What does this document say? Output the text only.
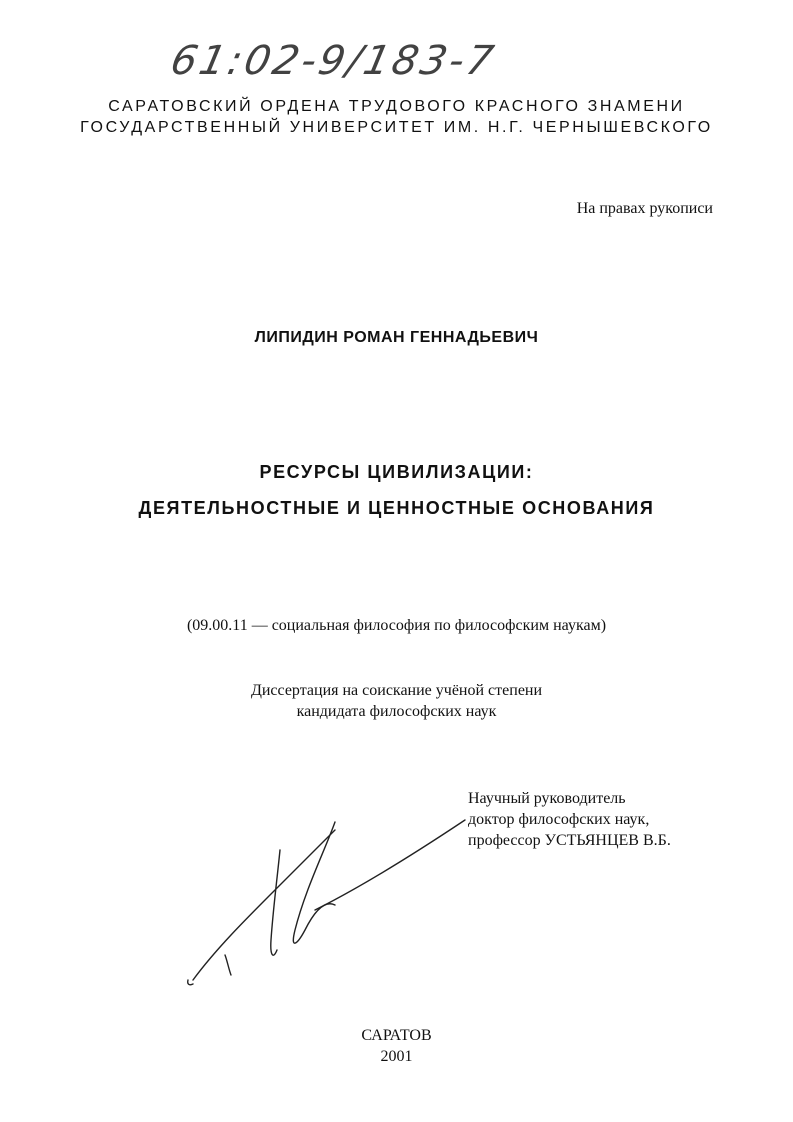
61:02-9/183-7
САРАТОВСКИЙ ОРДЕНА ТРУДОВОГО КРАСНОГО ЗНАМЕНИ
ГОСУДАРСТВЕННЫЙ УНИВЕРСИТЕТ ИМ. Н.Г. ЧЕРНЫШЕВСКОГО
На правах рукописи
ЛИПИДИН РОМАН ГЕННАДЬЕВИЧ
РЕСУРСЫ ЦИВИЛИЗАЦИИ:
ДЕЯТЕЛЬНОСТНЫЕ И ЦЕННОСТНЫЕ ОСНОВАНИЯ
(09.00.11 — социальная философия по философским наукам)
Диссертация на соискание учёной степени
кандидата философских наук
Научный руководитель
доктор философских наук,
профессор УСТЬЯНЦЕВ В.Б.
САРАТОВ
2001
